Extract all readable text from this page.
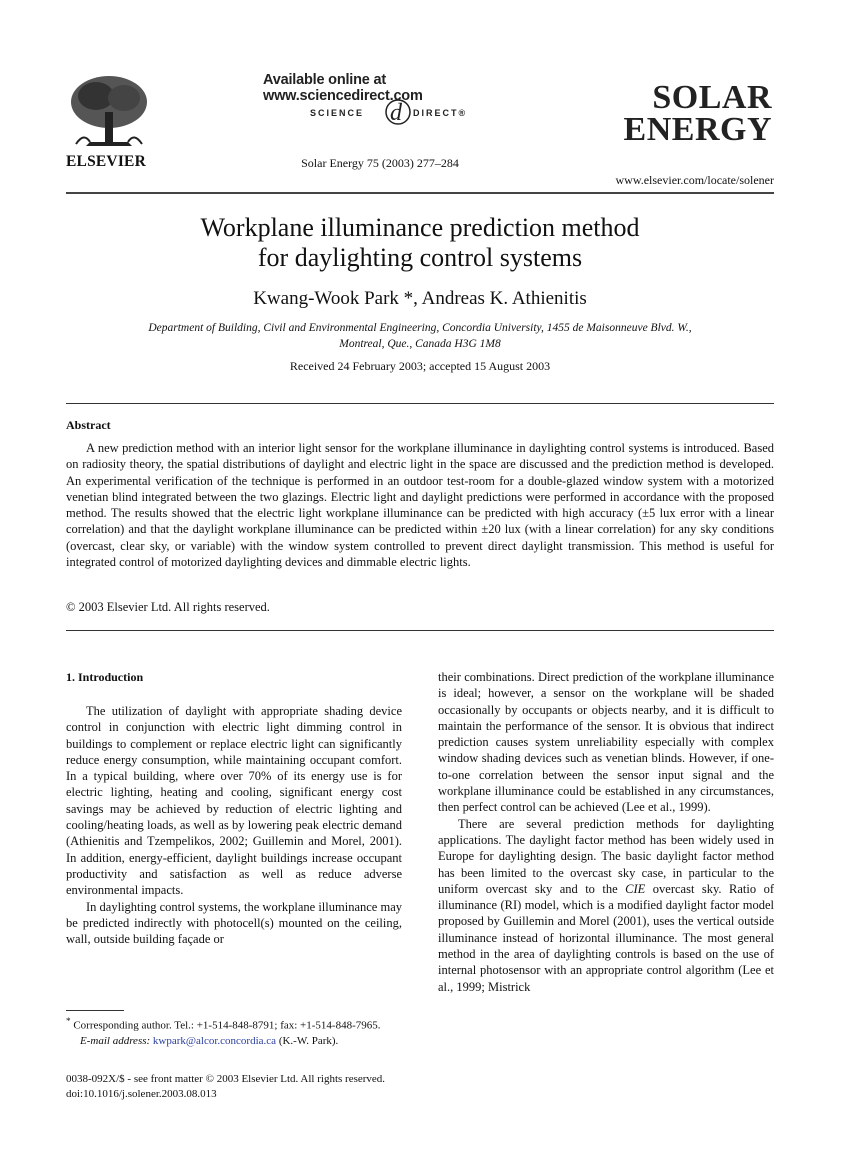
ELSEVIER
Available online at www.sciencedirect.com
SCIENCE d DIRECT®
Solar Energy 75 (2003) 277–284
SOLAR
ENERGY
www.elsevier.com/locate/solener
Workplane illuminance prediction method
for daylighting control systems
Kwang-Wook Park *, Andreas K. Athienitis
Department of Building, Civil and Environmental Engineering, Concordia University, 1455 de Maisonneuve Blvd. W.,
Montreal, Que., Canada H3G 1M8
Received 24 February 2003; accepted 15 August 2003
Abstract

A new prediction method with an interior light sensor for the workplane illuminance in daylighting control systems is introduced. Based on radiosity theory, the spatial distributions of daylight and electric light in the space are discussed and the prediction method is developed. An experimental verification of the technique is performed in an outdoor test-room for a double-glazed window system with a motorized venetian blind integrated between the two glazings. Electric light and daylight predictions were performed in accordance with the proposed method. The results showed that the electric light workplane illuminance can be predicted with high accuracy (±5 lux error with a linear correlation) and that the daylight workplane illuminance can be predicted within ±20 lux (with a linear correlation) for any sky conditions (overcast, clear sky, or variable) with the window system controlled to prevent direct daylight transmission. This method is useful for integrated control of motorized daylighting devices and dimmable electric lights.

© 2003 Elsevier Ltd. All rights reserved.
1. Introduction

The utilization of daylight with appropriate shading device control in conjunction with electric light dimming control in buildings to complement or replace electric light can significantly reduce energy consumption, while maintaining occupant comfort. In a typical building, where over 70% of its energy use is for electric lighting, heating and cooling, significant energy cost savings may be achieved by reduction of electric lighting and cooling/heating loads, as well as by lowering peak electric demand (Athienitis and Tzempelikos, 2002; Guillemin and Morel, 2001). In addition, energy-efficient, daylight buildings increase occupant productivity and satisfaction as well as reduce adverse environmental impacts.

In daylighting control systems, the workplane illuminance may be predicted indirectly with photocell(s) mounted on the ceiling, wall, outside building façade or

their combinations. Direct prediction of the workplane illuminance is ideal; however, a sensor on the workplane will be shaded occasionally by occupants or objects nearby, and it is difficult to maintain the performance of the sensor. It is obvious that indirect prediction causes system unreliability especially with complex window shading devices such as venetian blinds. However, if one-to-one correlation between the sensor input signal and the workplane illuminance could be established in any circumstances, then perfect control can be achieved (Lee et al., 1999).

There are several prediction methods for daylighting applications. The daylight factor method has been widely used in Europe for daylighting design. The basic daylight factor method has been limited to the overcast sky case, in particular to the uniform overcast sky and to the CIE overcast sky. Ratio of illuminance (RI) model, which is a modified daylight factor model proposed by Guillemin and Morel (2001), uses the vertical outside illuminance instead of horizontal illuminance. The most general method in the area of daylighting controls is based on the use of internal photosensor with an appropriate control algorithm (Lee et al., 1999; Mistrick

* Corresponding author. Tel.: +1-514-848-8791; fax: +1-514-848-7965.
E-mail address: kwpark@alcor.concordia.ca (K.-W. Park).
0038-092X/$ - see front matter © 2003 Elsevier Ltd. All rights reserved.
doi:10.1016/j.solener.2003.08.013
